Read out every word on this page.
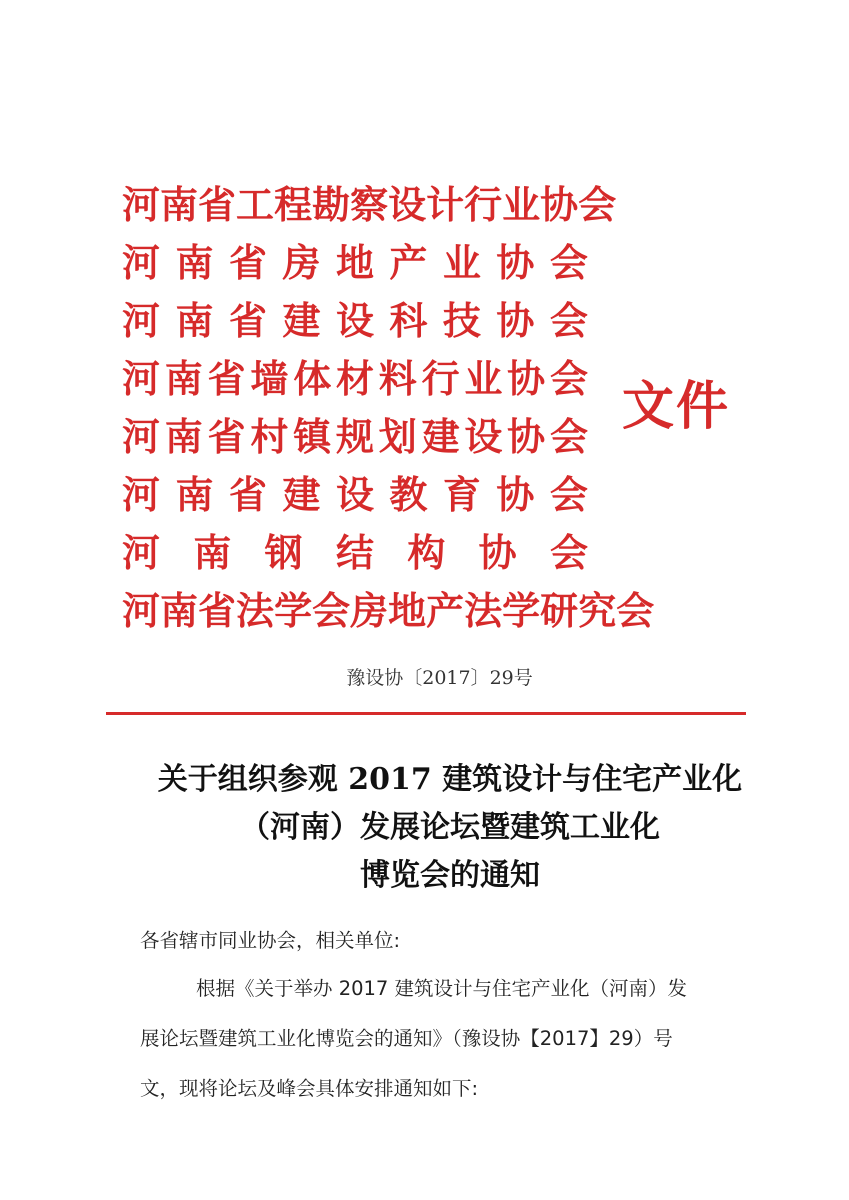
河 南 省 工 程 勘 察 设 计 行 业 协 会
河 南 省 房 地 产 业 协 会
河 南 省 建 设 科 技 协 会
河 南 省 墙 体 材 料 行 业 协 会
河 南 省 村 镇 规 划 建 设 协 会
河 南 省 建 设 教 育 协 会
河 南 钢 结 构 协 会
河 南 省 法 学 会 房 地 产 法 学 研 究 会
文件
豫设协〔2017〕29号
关于组织参观 2017 建筑设计与住宅产业化
（河南）发展论坛暨建筑工业化
博览会的通知
各省辖市同业协会，相关单位:
根据《关于举办 2017 建筑设计与住宅产业化（河南）发
展论坛暨建筑工业化博览会的通知》（豫设协【2017】29）号
文，现将论坛及峰会具体安排通知如下:
